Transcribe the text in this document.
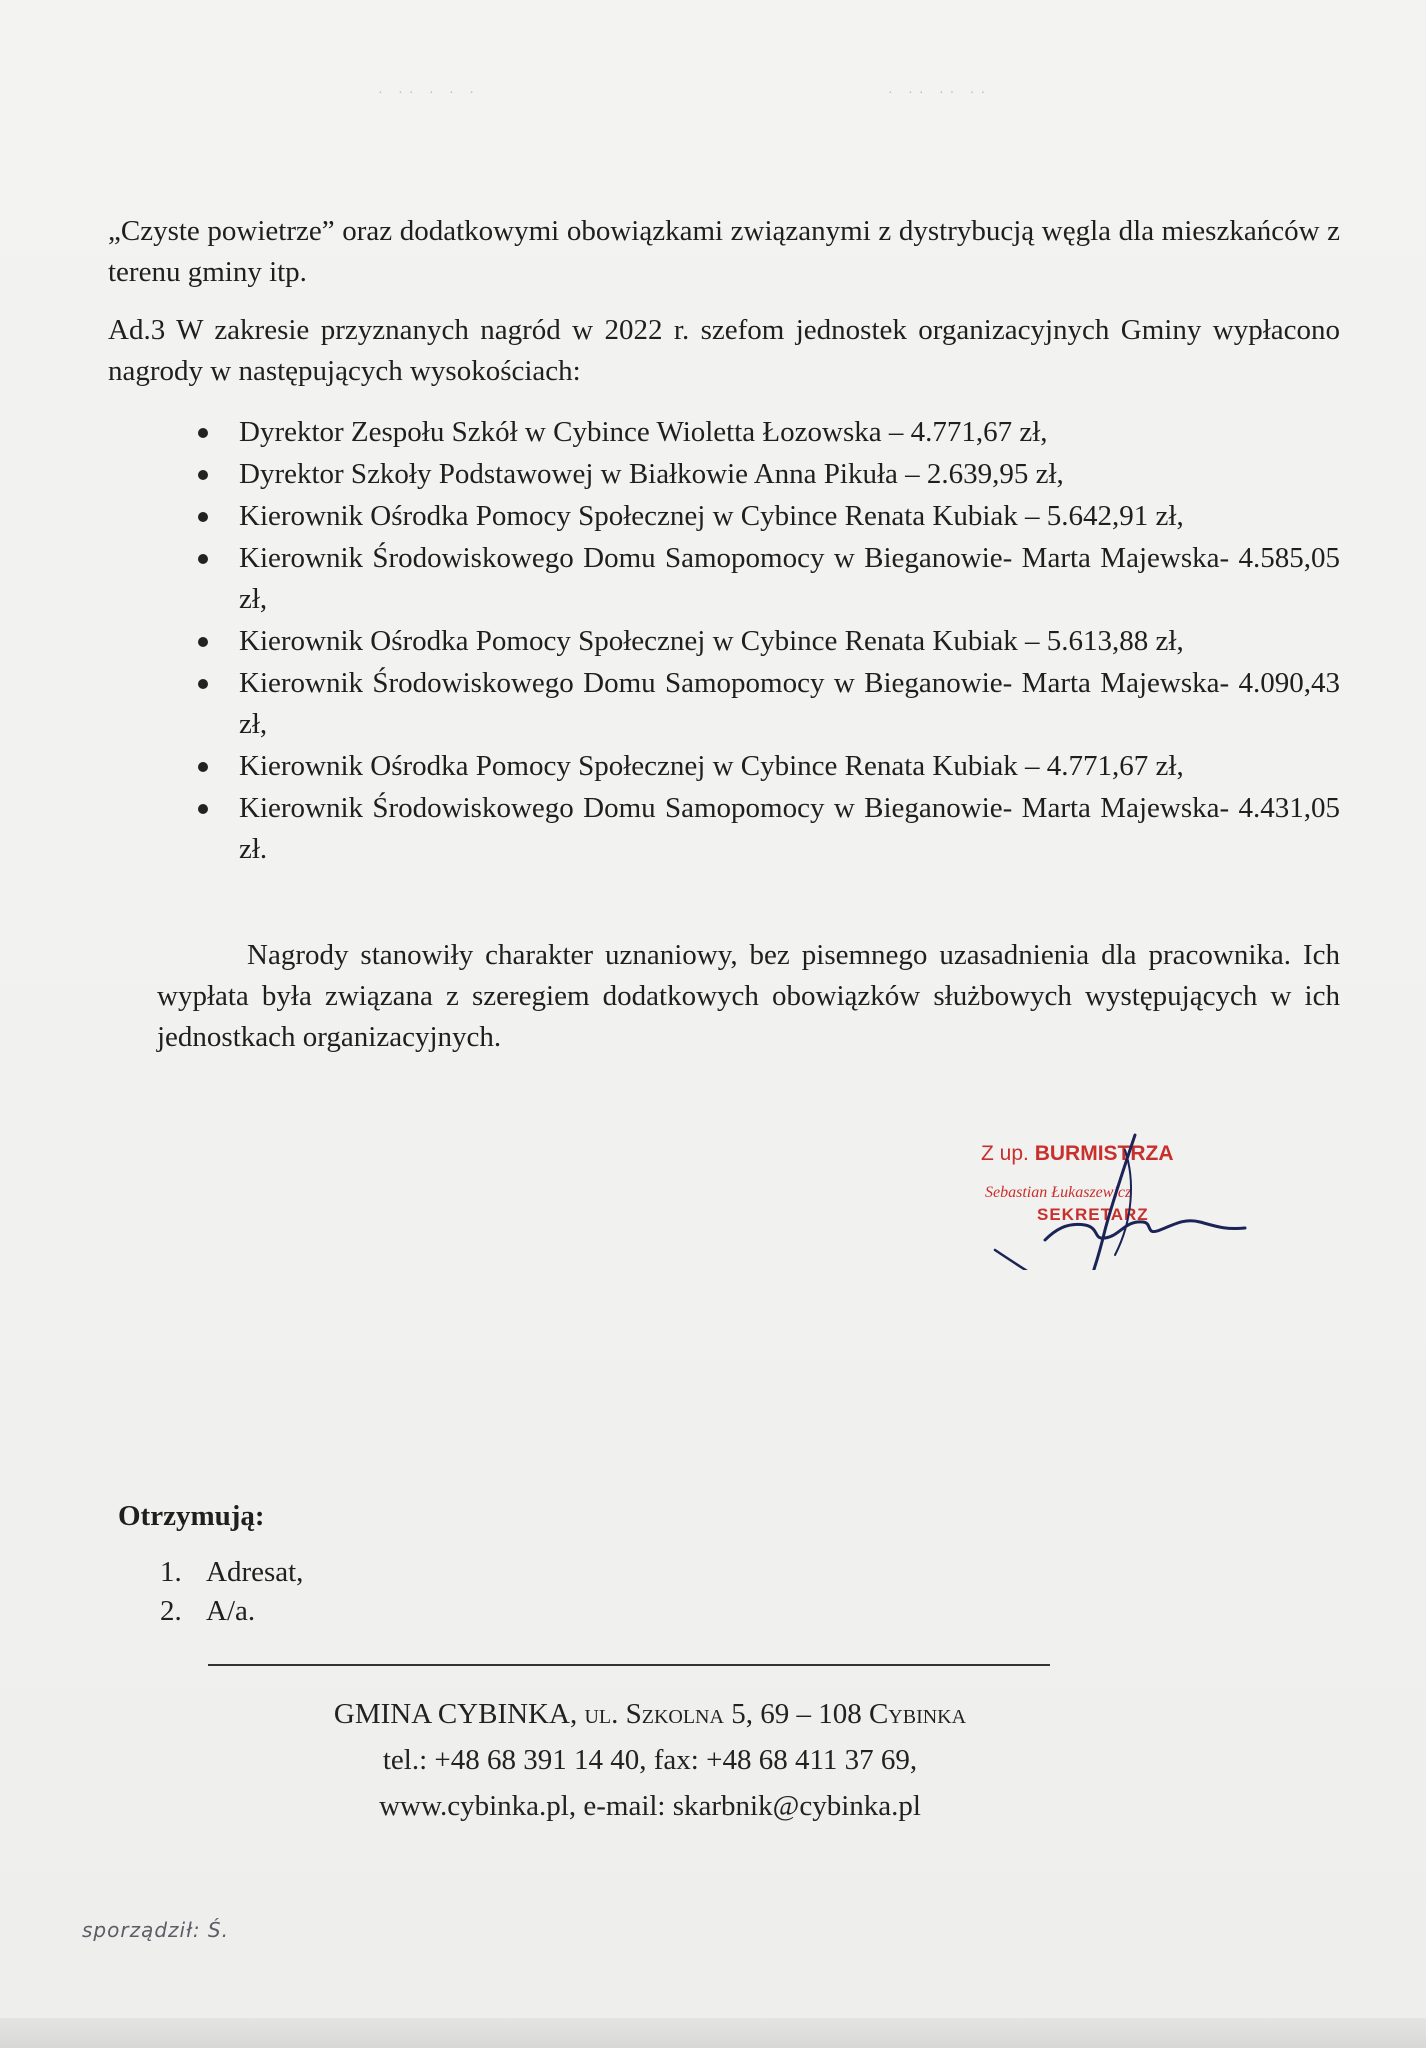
· ·· · · ·	· ·· ·· ··
„Czyste powietrze” oraz dodatkowymi obowiązkami związanymi z dystrybucją węgla dla mieszkańców z terenu gminy itp.
Ad.3 W zakresie przyznanych nagród w 2022 r. szefom jednostek organizacyjnych Gminy wypłacono nagrody w następujących wysokościach:
Dyrektor Zespołu Szkół w Cybince Wioletta Łozowska – 4.771,67 zł,
Dyrektor Szkoły Podstawowej w Białkowie Anna Pikuła – 2.639,95 zł,
Kierownik Ośrodka Pomocy Społecznej w Cybince Renata Kubiak – 5.642,91 zł,
Kierownik Środowiskowego Domu Samopomocy w Bieganowie- Marta Majewska- 4.585,05 zł,
Kierownik Ośrodka Pomocy Społecznej w Cybince Renata Kubiak – 5.613,88 zł,
Kierownik Środowiskowego Domu Samopomocy w Bieganowie- Marta Majewska- 4.090,43 zł,
Kierownik Ośrodka Pomocy Społecznej w Cybince Renata Kubiak – 4.771,67 zł,
Kierownik Środowiskowego Domu Samopomocy w Bieganowie- Marta Majewska- 4.431,05 zł.
Nagrody stanowiły charakter uznaniowy, bez pisemnego uzasadnienia dla pracownika. Ich wypłata była związana z szeregiem dodatkowych obowiązków służbowych występujących w ich jednostkach organizacyjnych.
Z up. BURMISTRZA
Sebastian Łukaszewicz
SEKRETARZ
Otrzymują:
1. Adresat,
2. A/a.
GMINA CYBINKA, ul. Szkolna 5, 69 – 108 Cybinka
tel.: +48 68 391 14 40, fax: +48 68 411 37 69,
www.cybinka.pl, e-mail: skarbnik@cybinka.pl
sporządził: Ś.
